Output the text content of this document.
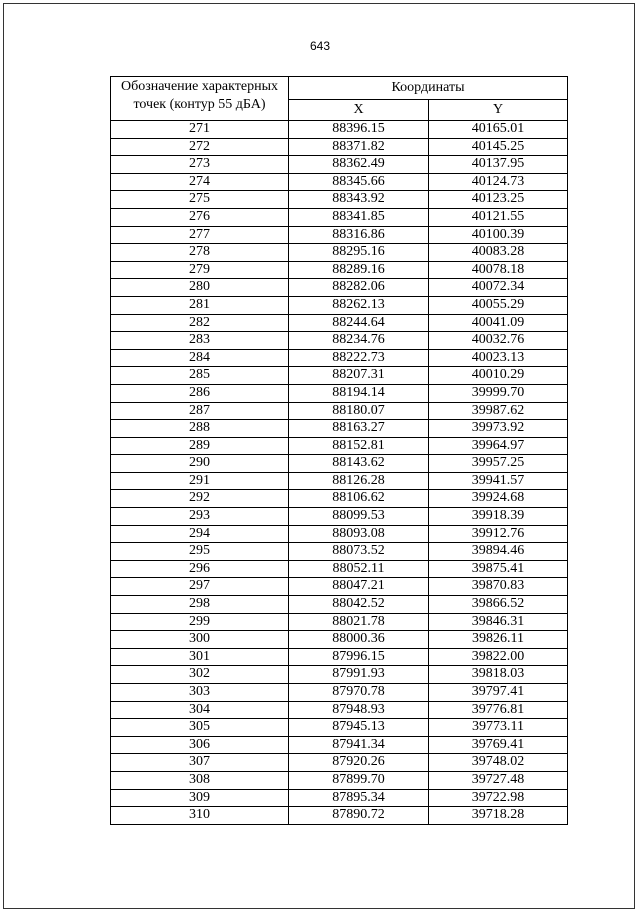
643
Обозначение характерных точек (контур 55 дБА)	Координаты	
	X	Y
271	88396.15	40165.01
272	88371.82	40145.25
273	88362.49	40137.95
274	88345.66	40124.73
275	88343.92	40123.25
276	88341.85	40121.55
277	88316.86	40100.39
278	88295.16	40083.28
279	88289.16	40078.18
280	88282.06	40072.34
281	88262.13	40055.29
282	88244.64	40041.09
283	88234.76	40032.76
284	88222.73	40023.13
285	88207.31	40010.29
286	88194.14	39999.70
287	88180.07	39987.62
288	88163.27	39973.92
289	88152.81	39964.97
290	88143.62	39957.25
291	88126.28	39941.57
292	88106.62	39924.68
293	88099.53	39918.39
294	88093.08	39912.76
295	88073.52	39894.46
296	88052.11	39875.41
297	88047.21	39870.83
298	88042.52	39866.52
299	88021.78	39846.31
300	88000.36	39826.11
301	87996.15	39822.00
302	87991.93	39818.03
303	87970.78	39797.41
304	87948.93	39776.81
305	87945.13	39773.11
306	87941.34	39769.41
307	87920.26	39748.02
308	87899.70	39727.48
309	87895.34	39722.98
310	87890.72	39718.28
